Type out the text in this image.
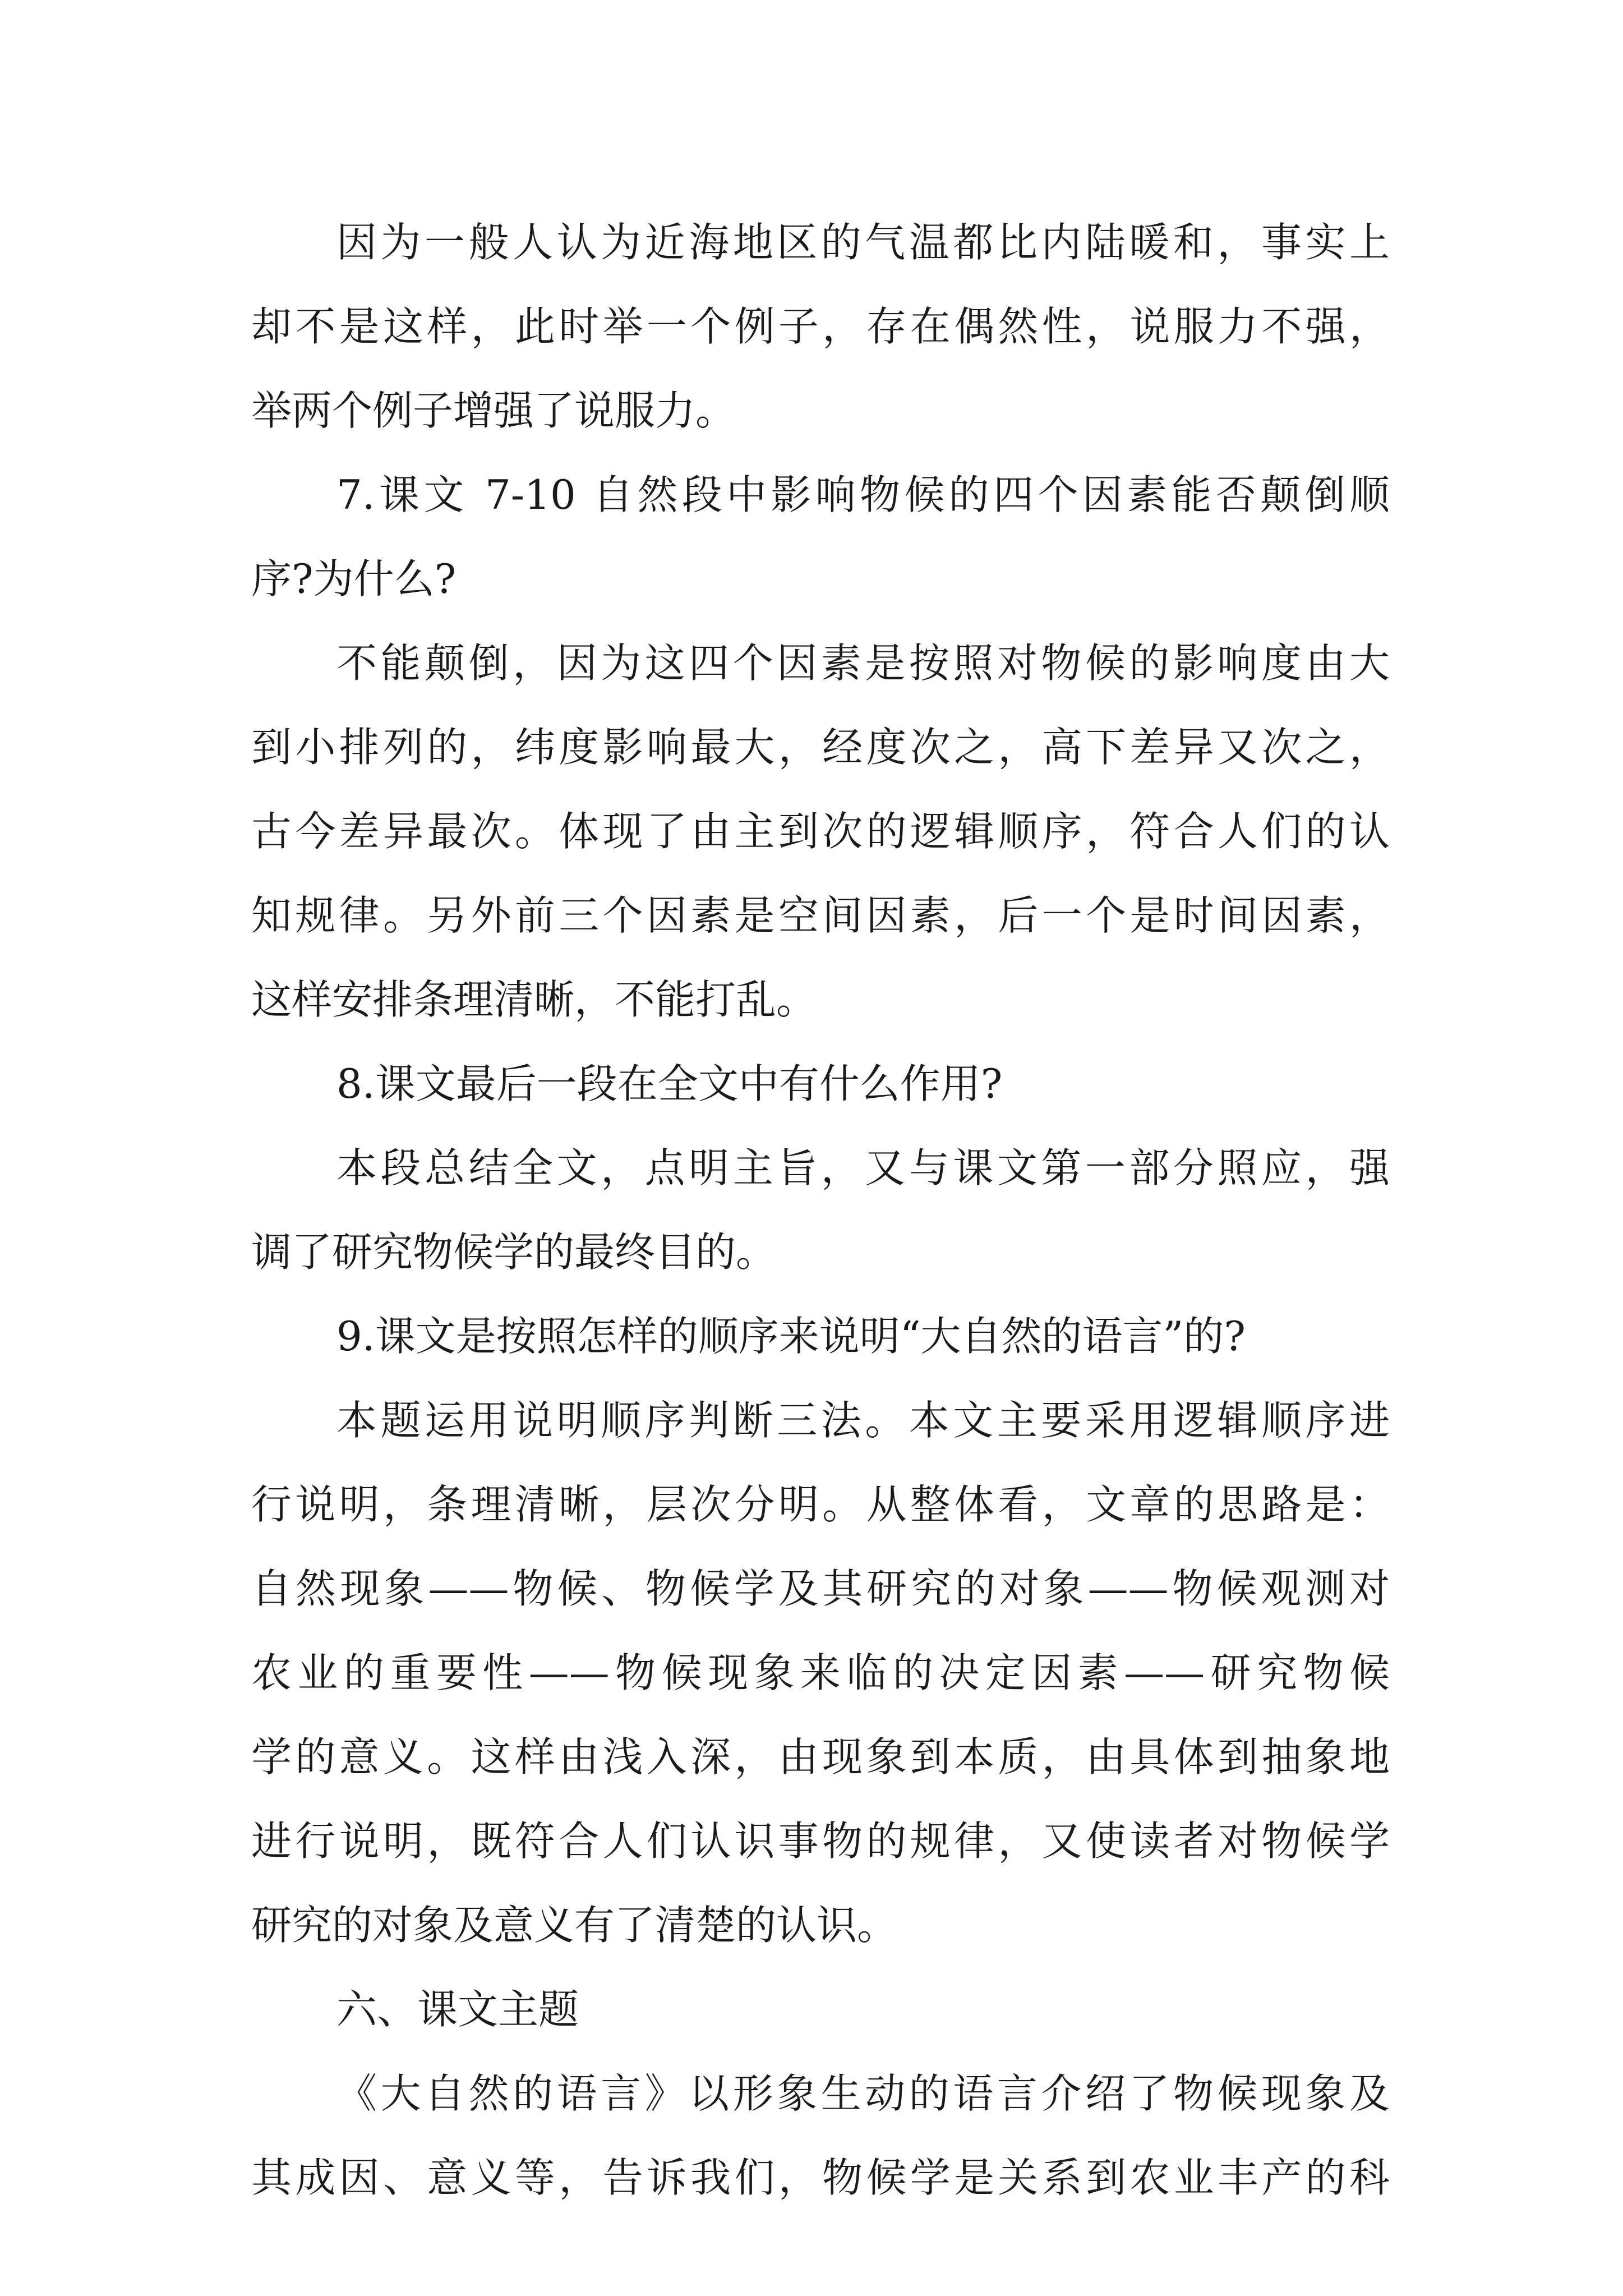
因为一般人认为近海地区的气温都比内陆暖和，事实上
却不是这样，此时举一个例子，存在偶然性，说服力不强，
举两个例子增强了说服力。
7.课文 7-10 自然段中影响物候的四个因素能否颠倒顺
序?为什么?
不能颠倒，因为这四个因素是按照对物候的影响度由大
到小排列的，纬度影响最大，经度次之，高下差异又次之，
古今差异最次。体现了由主到次的逻辑顺序，符合人们的认
知规律。另外前三个因素是空间因素，后一个是时间因素，
这样安排条理清晰，不能打乱。
8.课文最后一段在全文中有什么作用?
本段总结全文，点明主旨，又与课文第一部分照应，强
调了研究物候学的最终目的。
9.课文是按照怎样的顺序来说明“大自然的语言”的?
本题运用说明顺序判断三法。本文主要采用逻辑顺序进
行说明，条理清晰，层次分明。从整体看，文章的思路是：
自然现象——物候、物候学及其研究的对象——物候观测对
农业的重要性——物候现象来临的决定因素——研究物候
学的意义。这样由浅入深，由现象到本质，由具体到抽象地
进行说明，既符合人们认识事物的规律，又使读者对物候学
研究的对象及意义有了清楚的认识。
六、课文主题
《大自然的语言》以形象生动的语言介绍了物候现象及
其成因、意义等，告诉我们，物候学是关系到农业丰产的科
